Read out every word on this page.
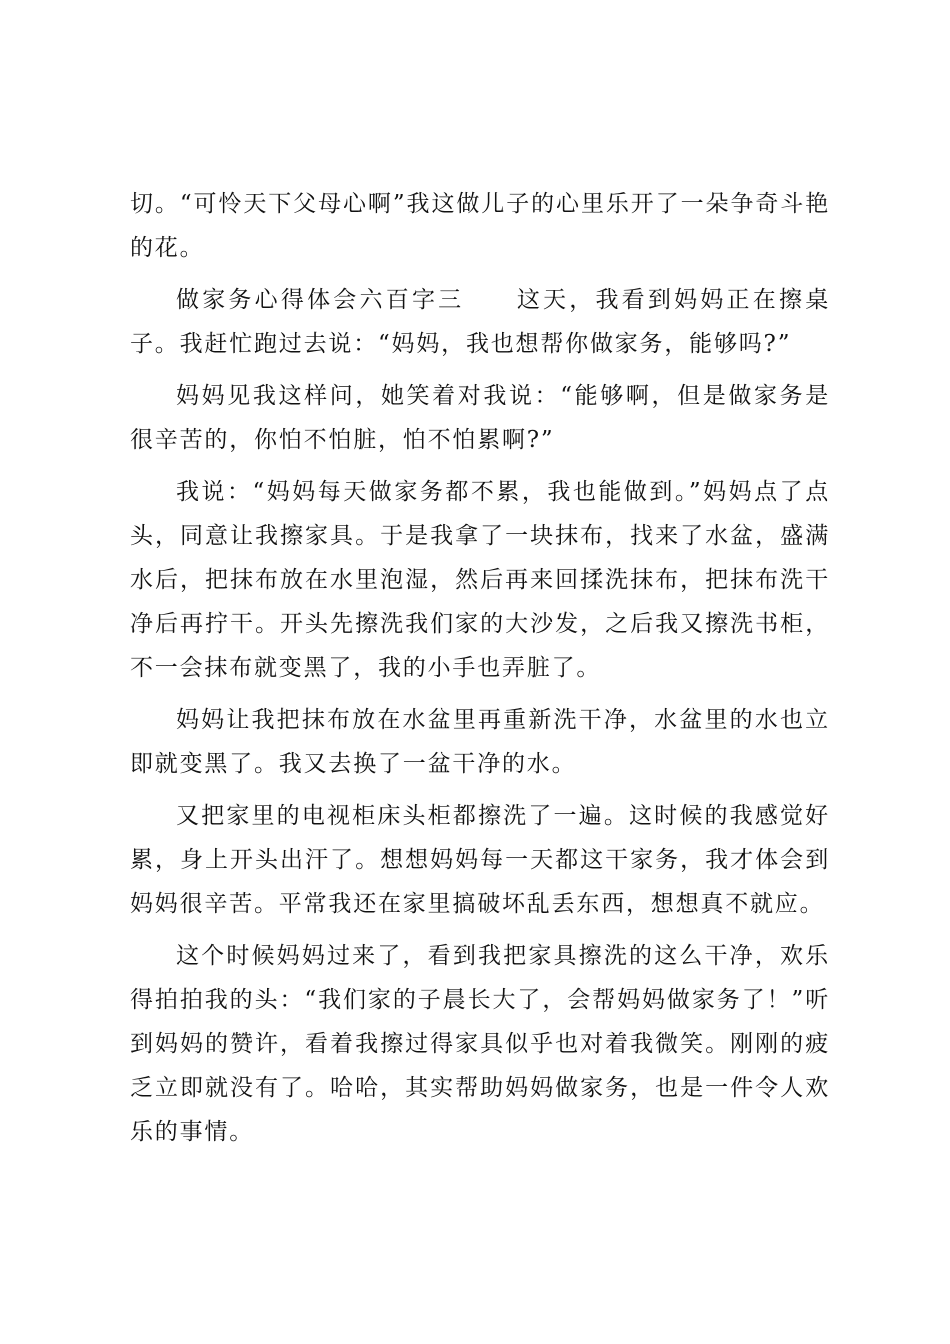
切。“可怜天下父母心啊”我这做儿子的心里乐开了一朵争奇斗艳的花。

做家务心得体会六百字三　　这天，我看到妈妈正在擦桌子。我赶忙跑过去说：“妈妈，我也想帮你做家务，能够吗?”

妈妈见我这样问，她笑着对我说：“能够啊，但是做家务是很辛苦的，你怕不怕脏，怕不怕累啊?”

我说：“妈妈每天做家务都不累，我也能做到。”妈妈点了点头，同意让我擦家具。于是我拿了一块抹布，找来了水盆，盛满水后，把抹布放在水里泡湿，然后再来回揉洗抹布，把抹布洗干净后再拧干。开头先擦洗我们家的大沙发，之后我又擦洗书柜，不一会抹布就变黑了，我的小手也弄脏了。

妈妈让我把抹布放在水盆里再重新洗干净，水盆里的水也立即就变黑了。我又去换了一盆干净的水。

又把家里的电视柜床头柜都擦洗了一遍。这时候的我感觉好累，身上开头出汗了。想想妈妈每一天都这干家务，我才体会到妈妈很辛苦。平常我还在家里搞破坏乱丢东西，想想真不就应。

这个时候妈妈过来了，看到我把家具擦洗的这么干净，欢乐得拍拍我的头：“我们家的子晨长大了，会帮妈妈做家务了！”听到妈妈的赞许，看着我擦过得家具似乎也对着我微笑。刚刚的疲乏立即就没有了。哈哈，其实帮助妈妈做家务，也是一件令人欢乐的事情。
